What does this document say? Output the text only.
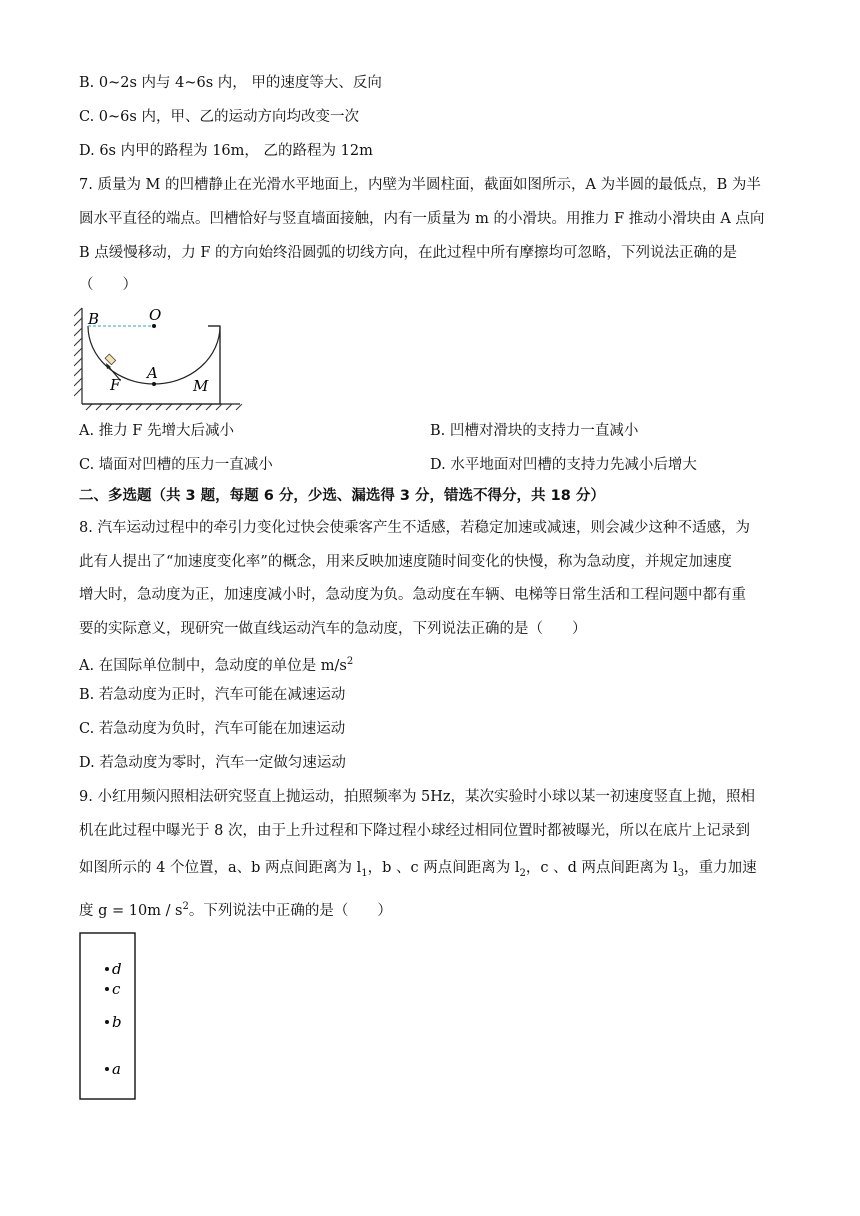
B. 0~2s 内与 4~6s 内， 甲的速度等大、反向
C. 0~6s 内，甲、乙的运动方向均改变一次
D. 6s 内甲的路程为 16m， 乙的路程为 12m
7. 质量为 M 的凹槽静止在光滑水平地面上，内壁为半圆柱面，截面如图所示，A 为半圆的最低点，B 为半
圆水平直径的端点。凹槽恰好与竖直墙面接触，内有一质量为 m 的小滑块。用推力 F 推动小滑块由 A 点向
B 点缓慢移动，力 F 的方向始终沿圆弧的切线方向，在此过程中所有摩擦均可忽略，下列说法正确的是
（　　）
B	O
A
F	M
A. 推力 F 先增大后减小	B. 凹槽对滑块的支持力一直减小
C. 墙面对凹槽的压力一直减小	D. 水平地面对凹槽的支持力先减小后增大
二、多选题（共 3 题，每题 6 分，少选、漏选得 3 分，错选不得分，共 18 分）
8. 汽车运动过程中的牵引力变化过快会使乘客产生不适感，若稳定加速或减速，则会减少这种不适感，为
此有人提出了“加速度变化率”的概念，用来反映加速度随时间变化的快慢，称为急动度，并规定加速度
增大时，急动度为正，加速度减小时，急动度为负。急动度在车辆、电梯等日常生活和工程问题中都有重
要的实际意义，现研究一做直线运动汽车的急动度，下列说法正确的是（　　）
A. 在国际单位制中，急动度的单位是 $m/s^2$
B. 若急动度为正时，汽车可能在减速运动
C. 若急动度为负时，汽车可能在加速运动
D. 若急动度为零时，汽车一定做匀速运动
9. 小红用频闪照相法研究竖直上抛运动，拍照频率为 5Hz，某次实验时小球以某一初速度竖直上抛，照相
机在此过程中曝光于 8 次，由于上升过程和下降过程小球经过相同位置时都被曝光，所以在底片上记录到
如图所示的 4 个位置，a、b 两点间距离为 $l_1$，b 、c 两点间距离为 $l_2$，c 、d 两点间距离为 $l_3$，重力加速
度 $g = 10m / s^2$。下列说法中正确的是（　　）
d
c
b
a
